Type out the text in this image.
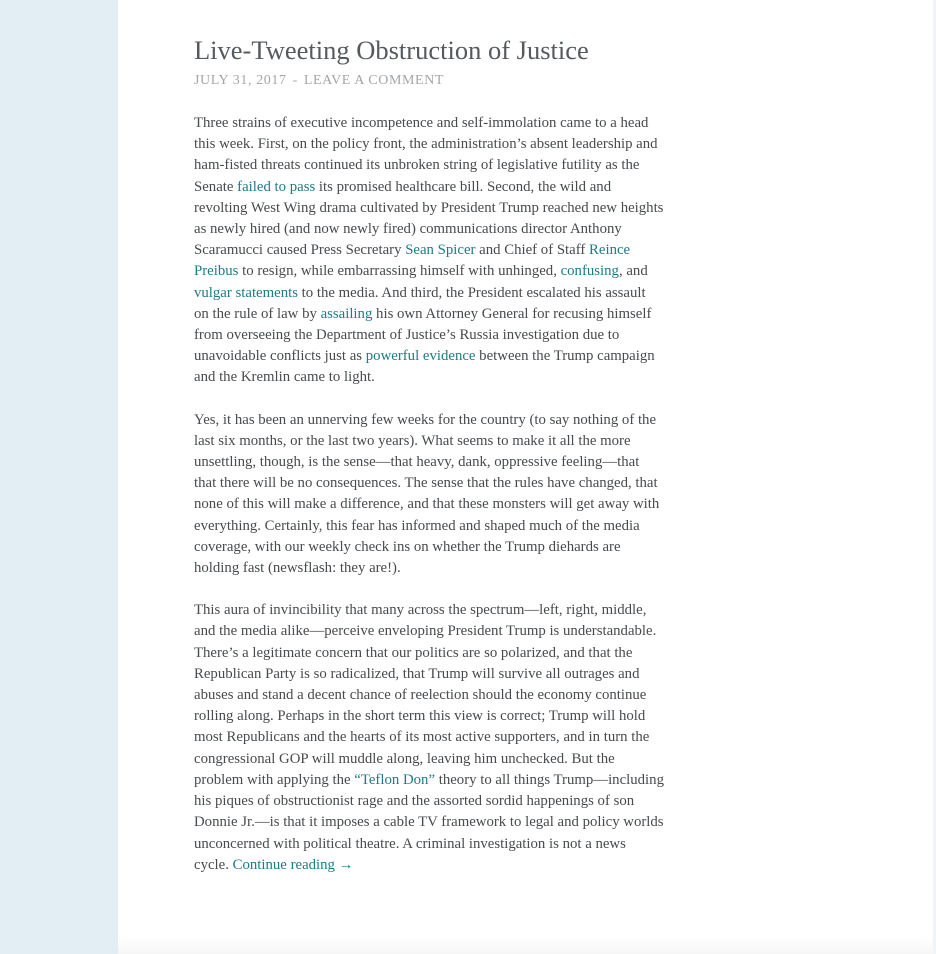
Live-Tweeting Obstruction of Justice
JULY 31, 2017 - LEAVE A COMMENT

Three strains of executive incompetence and self-immolation came to a head this week. First, on the policy front, the administration’s absent leadership and ham-fisted threats continued its unbroken string of legislative futility as the Senate failed to pass its promised healthcare bill. Second, the wild and revolting West Wing drama cultivated by President Trump reached new heights as newly hired (and now newly fired) communications director Anthony Scaramucci caused Press Secretary Sean Spicer and Chief of Staff Reince Preibus to resign, while embarrassing himself with unhinged, confusing, and vulgar statements to the media. And third, the President escalated his assault on the rule of law by assailing his own Attorney General for recusing himself from overseeing the Department of Justice’s Russia investigation due to unavoidable conflicts just as powerful evidence between the Trump campaign and the Kremlin came to light.

Yes, it has been an unnerving few weeks for the country (to say nothing of the last six months, or the last two years). What seems to make it all the more unsettling, though, is the sense—that heavy, dank, oppressive feeling—that that there will be no consequences. The sense that the rules have changed, that none of this will make a difference, and that these monsters will get away with everything. Certainly, this fear has informed and shaped much of the media coverage, with our weekly check ins on whether the Trump diehards are holding fast (newsflash: they are!).

This aura of invincibility that many across the spectrum—left, right, middle, and the media alike—perceive enveloping President Trump is understandable. There’s a legitimate concern that our politics are so polarized, and that the Republican Party is so radicalized, that Trump will survive all outrages and abuses and stand a decent chance of reelection should the economy continue rolling along. Perhaps in the short term this view is correct; Trump will hold most Republicans and the hearts of its most active supporters, and in turn the congressional GOP will muddle along, leaving him unchecked. But the problem with applying the “Teflon Don” theory to all things Trump—including his piques of obstructionist rage and the assorted sordid happenings of son Donnie Jr.—is that it imposes a cable TV framework to legal and policy worlds unconcerned with political theatre. A criminal investigation is not a news cycle. Continue reading →
